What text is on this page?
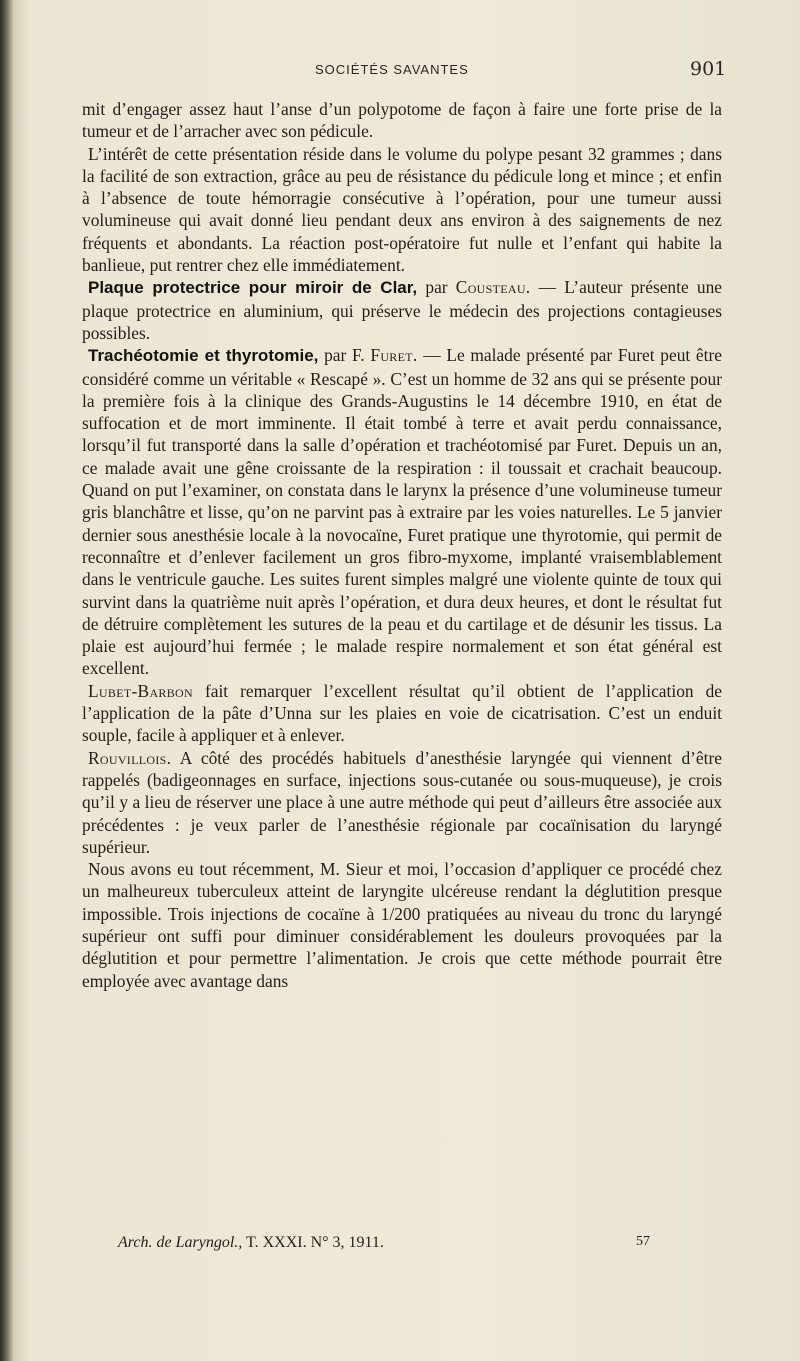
SOCIÉTÉS SAVANTES	901

mit d’engager assez haut l’anse d’un polypotome de façon à faire une forte prise de la tumeur et de l’arracher avec son pédicule.

L’intérêt de cette présentation réside dans le volume du polype pesant 32 grammes ; dans la facilité de son extraction, grâce au peu de résistance du pédicule long et mince ; et enfin à l’absence de toute hémorragie consécutive à l’opération, pour une tumeur aussi volumineuse qui avait donné lieu pendant deux ans environ à des saignements de nez fréquents et abondants. La réaction post-opératoire fut nulle et l’enfant qui habite la banlieue, put rentrer chez elle immédiatement.

Plaque protectrice pour miroir de Clar, par Cousteau. — L’auteur présente une plaque protectrice en aluminium, qui préserve le médecin des projections contagieuses possibles.

Trachéotomie et thyrotomie, par F. Furet. — Le malade présenté par Furet peut être considéré comme un véritable « Rescapé ». C’est un homme de 32 ans qui se présente pour la première fois à la clinique des Grands-Augustins le 14 décembre 1910, en état de suffocation et de mort imminente. Il était tombé à terre et avait perdu connaissance, lorsqu’il fut transporté dans la salle d’opération et trachéotomisé par Furet. Depuis un an, ce malade avait une gêne croissante de la respiration : il toussait et crachait beaucoup. Quand on put l’examiner, on constata dans le larynx la présence d’une volumineuse tumeur gris blanchâtre et lisse, qu’on ne parvint pas à extraire par les voies naturelles. Le 5 janvier dernier sous anesthésie locale à la novocaïne, Furet pratique une thyrotomie, qui permit de reconnaître et d’enlever facilement un gros fibro-myxome, implanté vraisemblablement dans le ventricule gauche. Les suites furent simples malgré une violente quinte de toux qui survint dans la quatrième nuit après l’opération, et dura deux heures, et dont le résultat fut de détruire complètement les sutures de la peau et du cartilage et de désunir les tissus. La plaie est aujourd’hui fermée ; le malade respire normalement et son état général est excellent.

Lubet-Barbon fait remarquer l’excellent résultat qu’il obtient de l’application de l’application de la pâte d’Unna sur les plaies en voie de cicatrisation. C’est un enduit souple, facile à appliquer et à enlever.

Rouvillois. A côté des procédés habituels d’anesthésie laryngée qui viennent d’être rappelés (badigeonnages en surface, injections sous-cutanée ou sous-muqueuse), je crois qu’il y a lieu de réserver une place à une autre méthode qui peut d’ailleurs être associée aux précédentes : je veux parler de l’anesthésie régionale par cocaïnisation du laryngé supérieur.

Nous avons eu tout récemment, M. Sieur et moi, l’occasion d’appliquer ce procédé chez un malheureux tuberculeux atteint de laryngite ulcéreuse rendant la déglutition presque impossible. Trois injections de cocaïne à 1/200 pratiquées au niveau du tronc du laryngé supérieur ont suffi pour diminuer considérablement les douleurs provoquées par la déglutition et pour permettre l’alimentation. Je crois que cette méthode pourrait être employée avec avantage dans

Arch. de Laryngol., T. XXXI. N° 3, 1911.	57
